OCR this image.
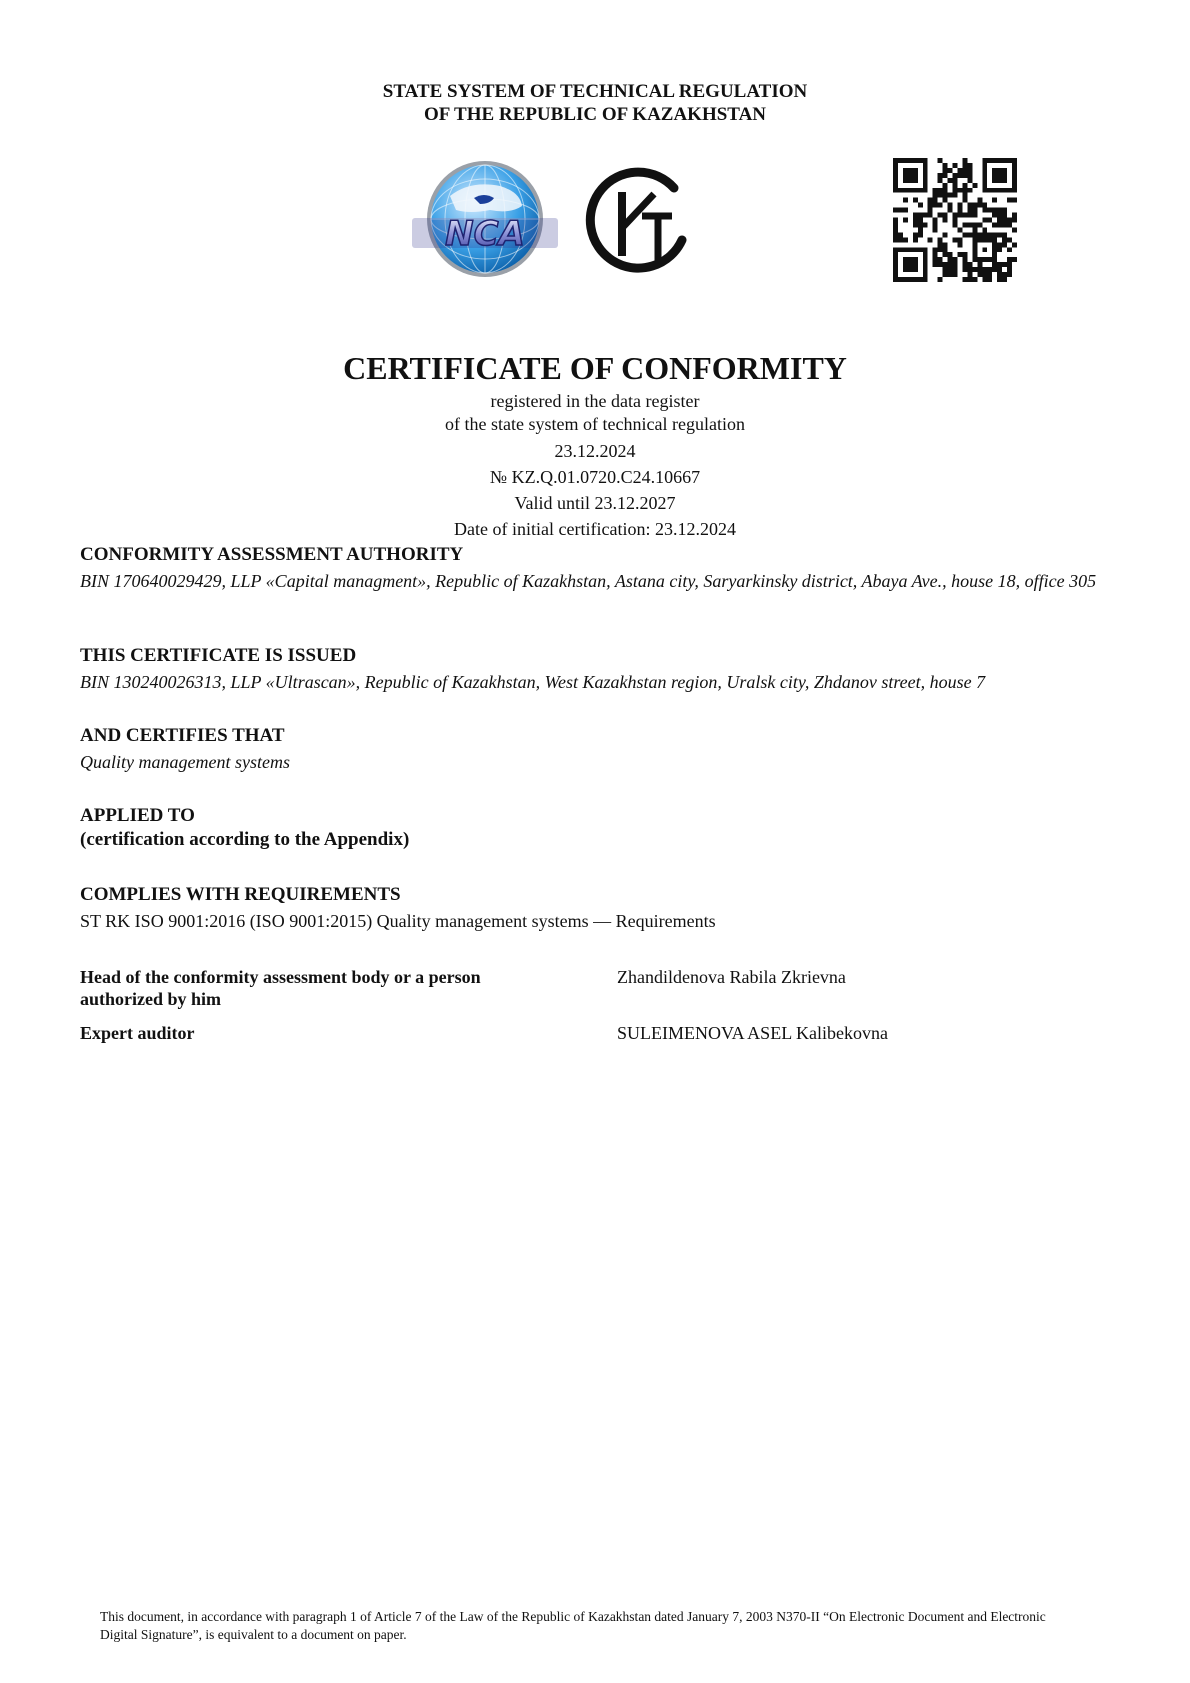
STATE SYSTEM OF TECHNICAL REGULATION
OF THE REPUBLIC OF KAZAKHSTAN
NCA	KT
CERTIFICATE OF CONFORMITY
registered in the data register
of the state system of technical regulation
23.12.2024
№ KZ.Q.01.0720.C24.10667
Valid until 23.12.2027
Date of initial certification: 23.12.2024
CONFORMITY ASSESSMENT AUTHORITY
BIN 170640029429, LLP «Capital managment», Republic of Kazakhstan, Astana city, Saryarkinsky district, Abaya Ave., house 18, office 305
THIS CERTIFICATE IS ISSUED
BIN 130240026313, LLP «Ultrascan», Republic of Kazakhstan, West Kazakhstan region, Uralsk city, Zhdanov street, house 7
AND CERTIFIES THAT
Quality management systems
APPLIED TO
(certification according to the Appendix)
COMPLIES WITH REQUIREMENTS
ST RK ISO 9001:2016 (ISO 9001:2015) Quality management systems — Requirements
Head of the conformity assessment body or a person authorized by him
Zhandildenova Rabila Zkrievna
Expert auditor	SULEIMENOVA ASEL Kalibekovna
This document, in accordance with paragraph 1 of Article 7 of the Law of the Republic of Kazakhstan dated January 7, 2003 N370-II “On Electronic Document and Electronic Digital Signature”, is equivalent to a document on paper.
